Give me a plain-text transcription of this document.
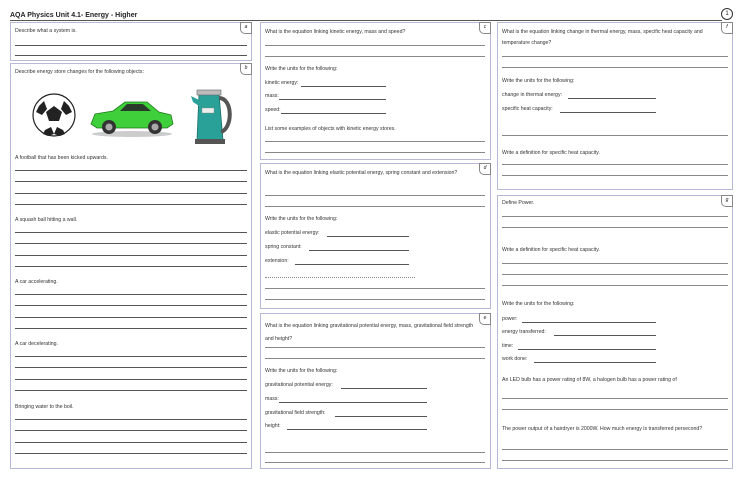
AQA Physics Unit 4.1- Energy - Higher	1
a
Describe what a system is.
b
Describe energy store changes for the following objects:
A football that has been kicked upwards.
A squash ball hitting a wall.
A car accelerating.
A car decelerating.
Bringing water to the boil.
c
What is the equation linking kinetic energy, mass and speed?
Write the units for the following:
kinetic energy:
mass:
speed:
List some examples of objects with kinetic energy stores.
d
What is the equation linking elastic potential energy, spring constant and extension?
Write the units for the following:
elastic potential energy:
spring constant:
extension:
e
What is the equation linking gravitational potential energy, mass, gravitational field strength and height?
Write the units for the following:
gravitational potential energy:
mass:
gravitational field strength:
height:
f
What is the equation linking change in thermal energy, mass, specific heat capacity and temperature change?
Write the units for the following:
change in thermal energy:
specific heat capacity:
Write a definition for specific heat capacity.
g
Define Power.
Write a definition for specific heat capacity.
Write the units for the following:
power:
energy transferred:
time:
work done:
An LED bulb has a power rating of 8W, a halogen bulb has a power rating of
The power output of a hairdryer is 2000W. How much energy is transferred persecond?
